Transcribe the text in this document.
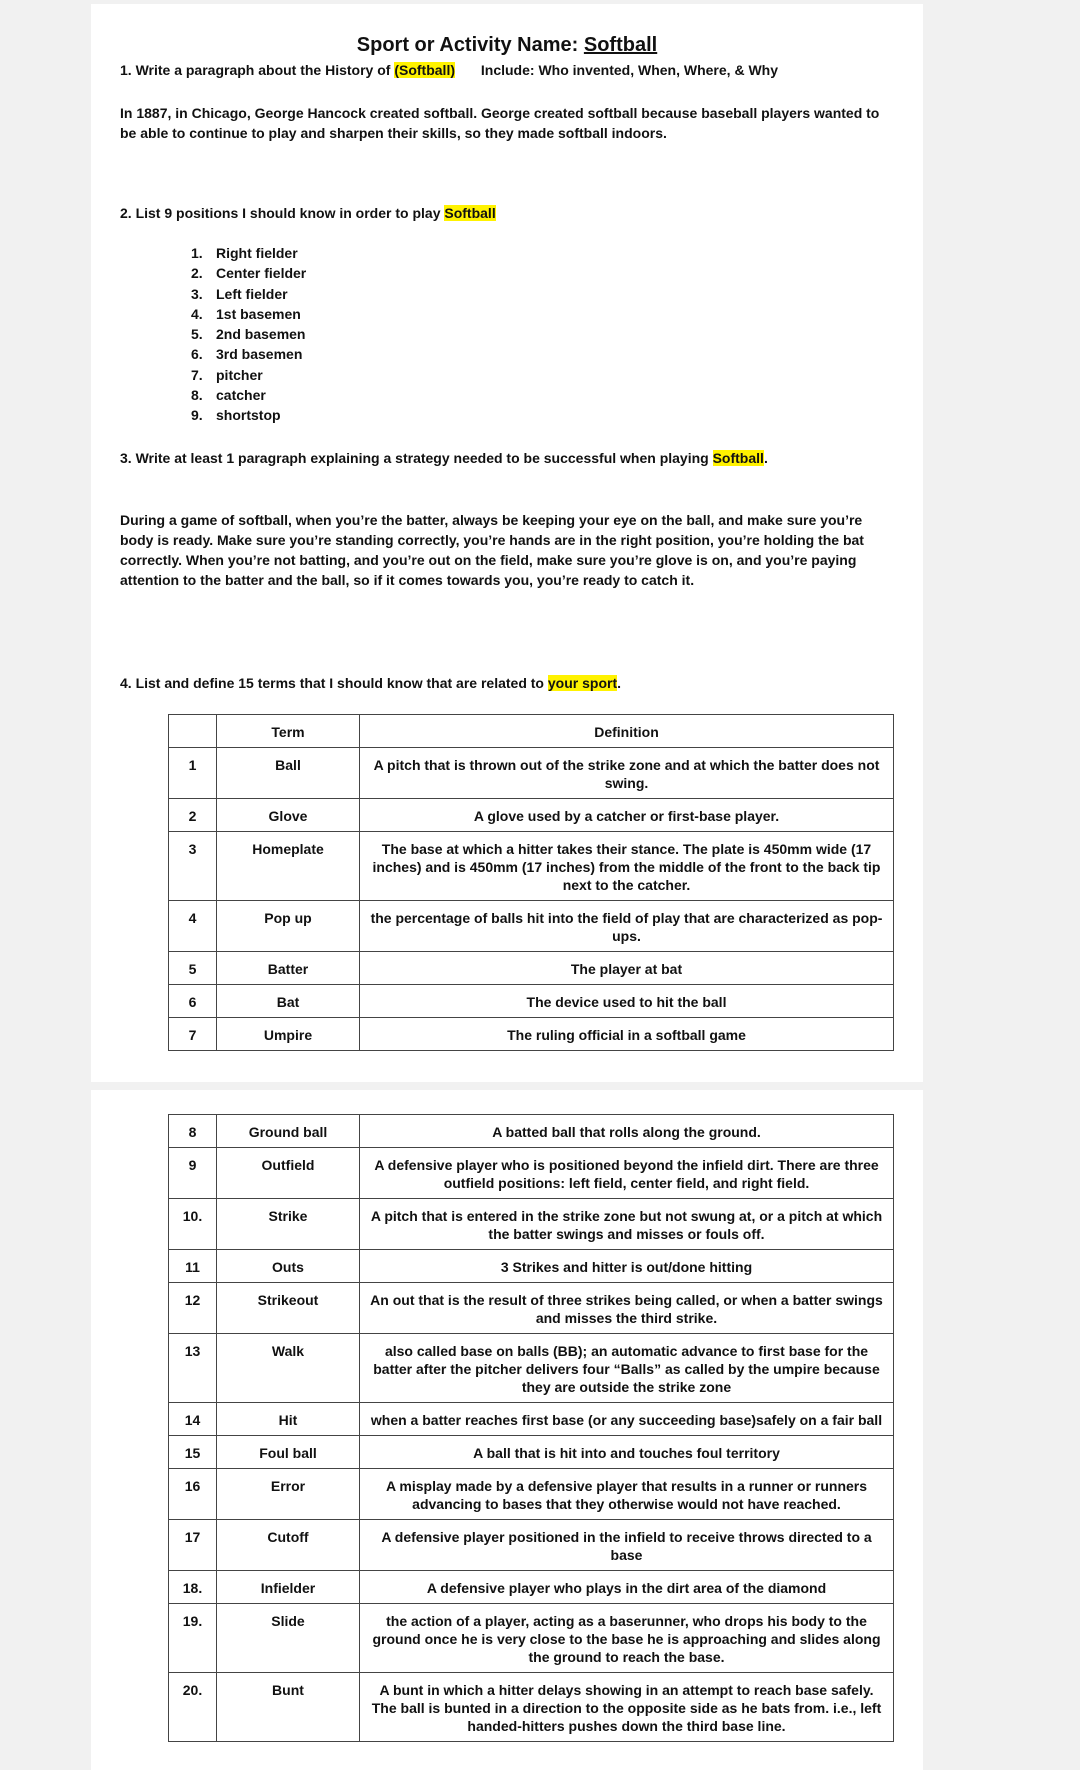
Sport or Activity Name: Softball
1. Write a paragraph about the History of (Softball) Include: Who invented, When, Where, & Why
In 1887, in Chicago, George Hancock created softball. George created softball because baseball players wanted to be able to continue to play and sharpen their skills, so they made softball indoors.
2. List 9 positions I should know in order to play Softball
1. Right fielder
2. Center fielder
3. Left fielder
4. 1st basemen
5. 2nd basemen
6. 3rd basemen
7. pitcher
8. catcher
9. shortstop
3. Write at least 1 paragraph explaining a strategy needed to be successful when playing Softball.
During a game of softball, when you’re the batter, always be keeping your eye on the ball, and make sure you’re body is ready. Make sure you’re standing correctly, you’re hands are in the right position, you’re holding the bat correctly. When you’re not batting, and you’re out on the field, make sure you’re glove is on, and you’re paying attention to the batter and the ball, so if it comes towards you, you’re ready to catch it.
4. List and define 15 terms that I should know that are related to your sport.
	Term	Definition
1	Ball	A pitch that is thrown out of the strike zone and at which the batter does not swing.
2	Glove	A glove used by a catcher or first-base player.
3	Homeplate	The base at which a hitter takes their stance. The plate is 450mm wide (17 inches) and is 450mm (17 inches) from the middle of the front to the back tip next to the catcher.
4	Pop up	the percentage of balls hit into the field of play that are characterized as pop-ups.
5	Batter	The player at bat
6	Bat	The device used to hit the ball
7	Umpire	The ruling official in a softball game
8	Ground ball	A batted ball that rolls along the ground.
9	Outfield	A defensive player who is positioned beyond the infield dirt. There are three outfield positions: left field, center field, and right field.
10.	Strike	A pitch that is entered in the strike zone but not swung at, or a pitch at which the batter swings and misses or fouls off.
11	Outs	3 Strikes and hitter is out/done hitting
12	Strikeout	An out that is the result of three strikes being called, or when a batter swings and misses the third strike.
13	Walk	also called base on balls (BB); an automatic advance to first base for the batter after the pitcher delivers four “Balls” as called by the umpire because they are outside the strike zone
14	Hit	when a batter reaches first base (or any succeeding base)safely on a fair ball
15	Foul ball	A ball that is hit into and touches foul territory
16	Error	A misplay made by a defensive player that results in a runner or runners advancing to bases that they otherwise would not have reached.
17	Cutoff	A defensive player positioned in the infield to receive throws directed to a base
18.	Infielder	A defensive player who plays in the dirt area of the diamond
19.	Slide	the action of a player, acting as a baserunner, who drops his body to the ground once he is very close to the base he is approaching and slides along the ground to reach the base.
20.	Bunt	A bunt in which a hitter delays showing in an attempt to reach base safely. The ball is bunted in a direction to the opposite side as he bats from. i.e., left handed-hitters pushes down the third base line.
